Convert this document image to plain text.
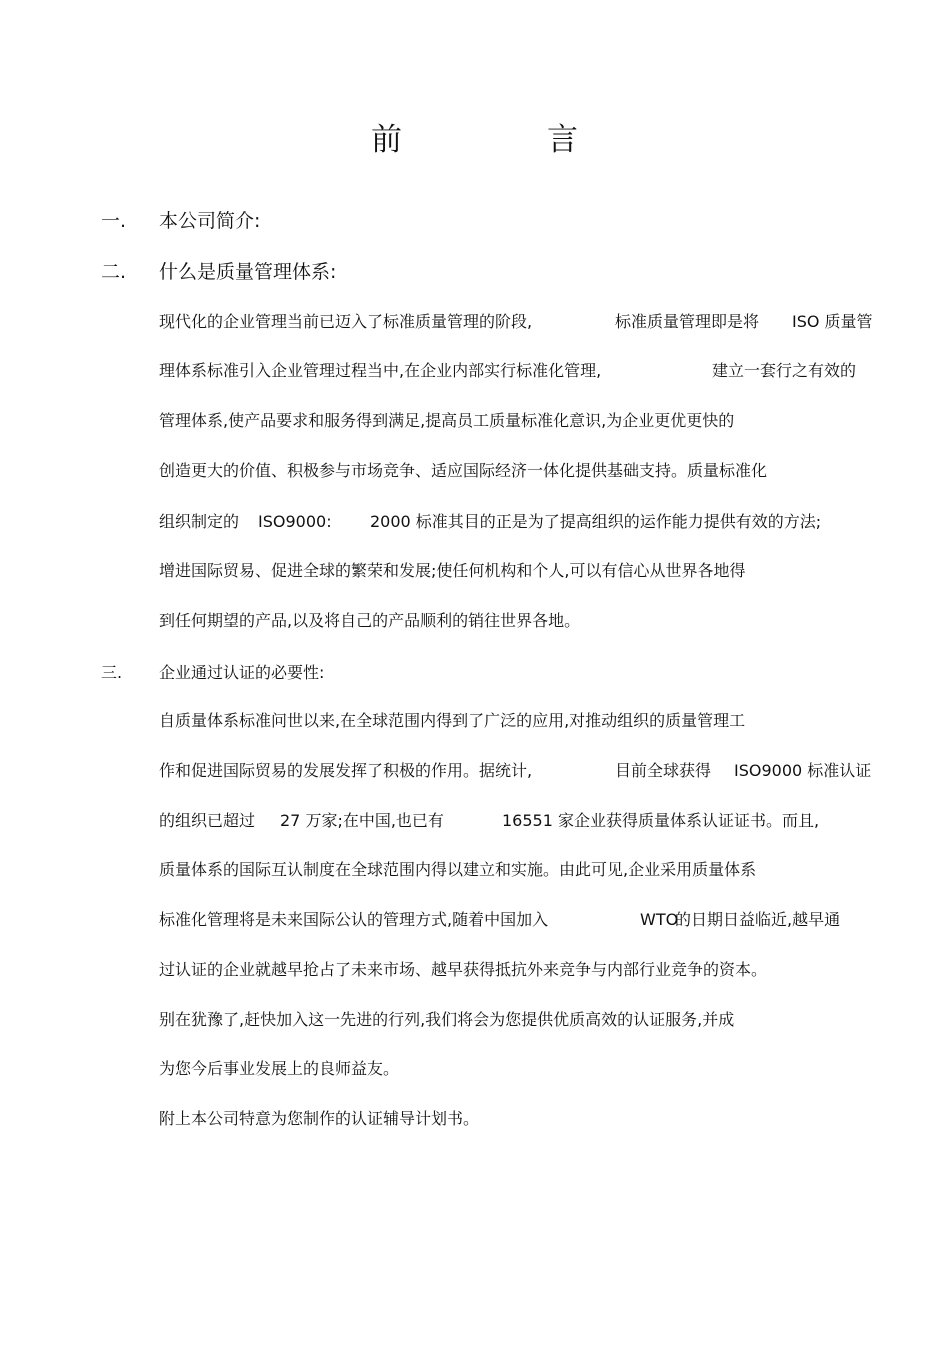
前	言
一. 本公司简介:
二. 什么是质量管理体系:
现代化的企业管理当前已迈入了标准质量管理的阶段,	标准质量管理即是将 ISO 质量管
理体系标准引入企业管理过程当中,在企业内部实行标准化管理,	建立一套行之有效的
管理体系,使产品要求和服务得到满足,提高员工质量标准化意识,为企业更优更快的
创造更大的价值、积极参与市场竞争、适应国际经济一体化提供基础支持。质量标准化
组织制定的 ISO9000: 2000 标准其目的正是为了提高组织的运作能力提供有效的方法;
增进国际贸易、促进全球的繁荣和发展;使任何机构和个人,可以有信心从世界各地得
到任何期望的产品,以及将自己的产品顺利的销往世界各地。
三. 企业通过认证的必要性:
自质量体系标准问世以来,在全球范围内得到了广泛的应用,对推动组织的质量管理工
作和促进国际贸易的发展发挥了积极的作用。据统计,	目前全球获得 ISO9000 标准认证
的组织已超过 27 万家;在中国,也已有	16551 家企业获得质量体系认证证书。而且,
质量体系的国际互认制度在全球范围内得以建立和实施。由此可见,企业采用质量体系
标准化管理将是未来国际公认的管理方式,随着中国加入	WTO
的日期日益临近,越早通
过认证的企业就越早抢占了未来市场、越早获得抵抗外来竞争与内部行业竞争的资本。
别在犹豫了,赶快加入这一先进的行列,我们将会为您提供优质高效的认证服务,并成
为您今后事业发展上的良师益友。
附上本公司特意为您制作的认证辅导计划书。
